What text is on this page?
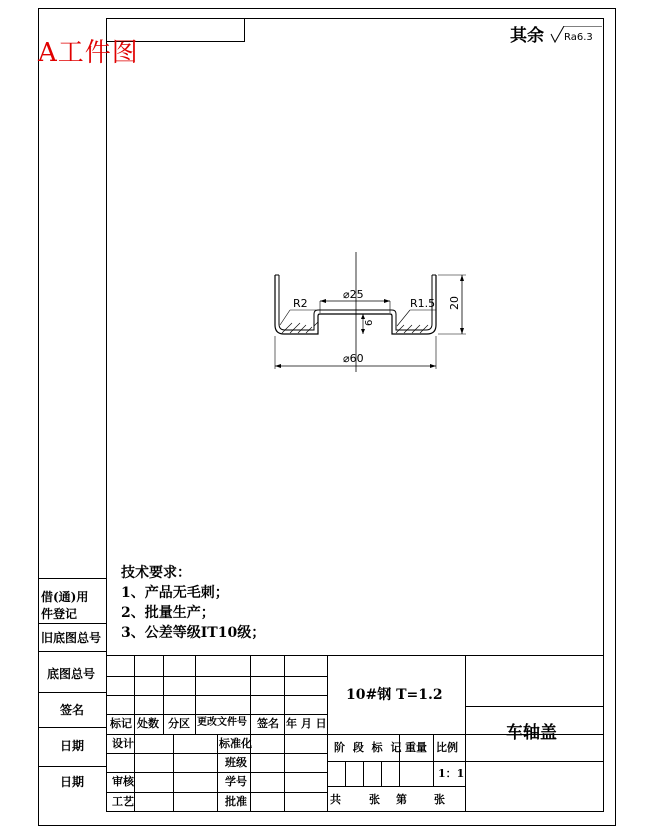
⌀25
⌀60
20
6
R2	R1.5
A工件图
其余 Ra6.3
技术要求：
1、产品无毛刺；
2、批量生产；
3、公差等级IT10级；
借(通)用
件登记
旧底图总号
底图总号
签名
日期
日期
标记 处数 分区 更改文件号 签名 年 月 日
设计	标准化
班级
审核	学号
工艺	批准
10#钢 T=1.2
车轴盖
阶 段 标 记 重量 比例
1：1
共	张 第 张
